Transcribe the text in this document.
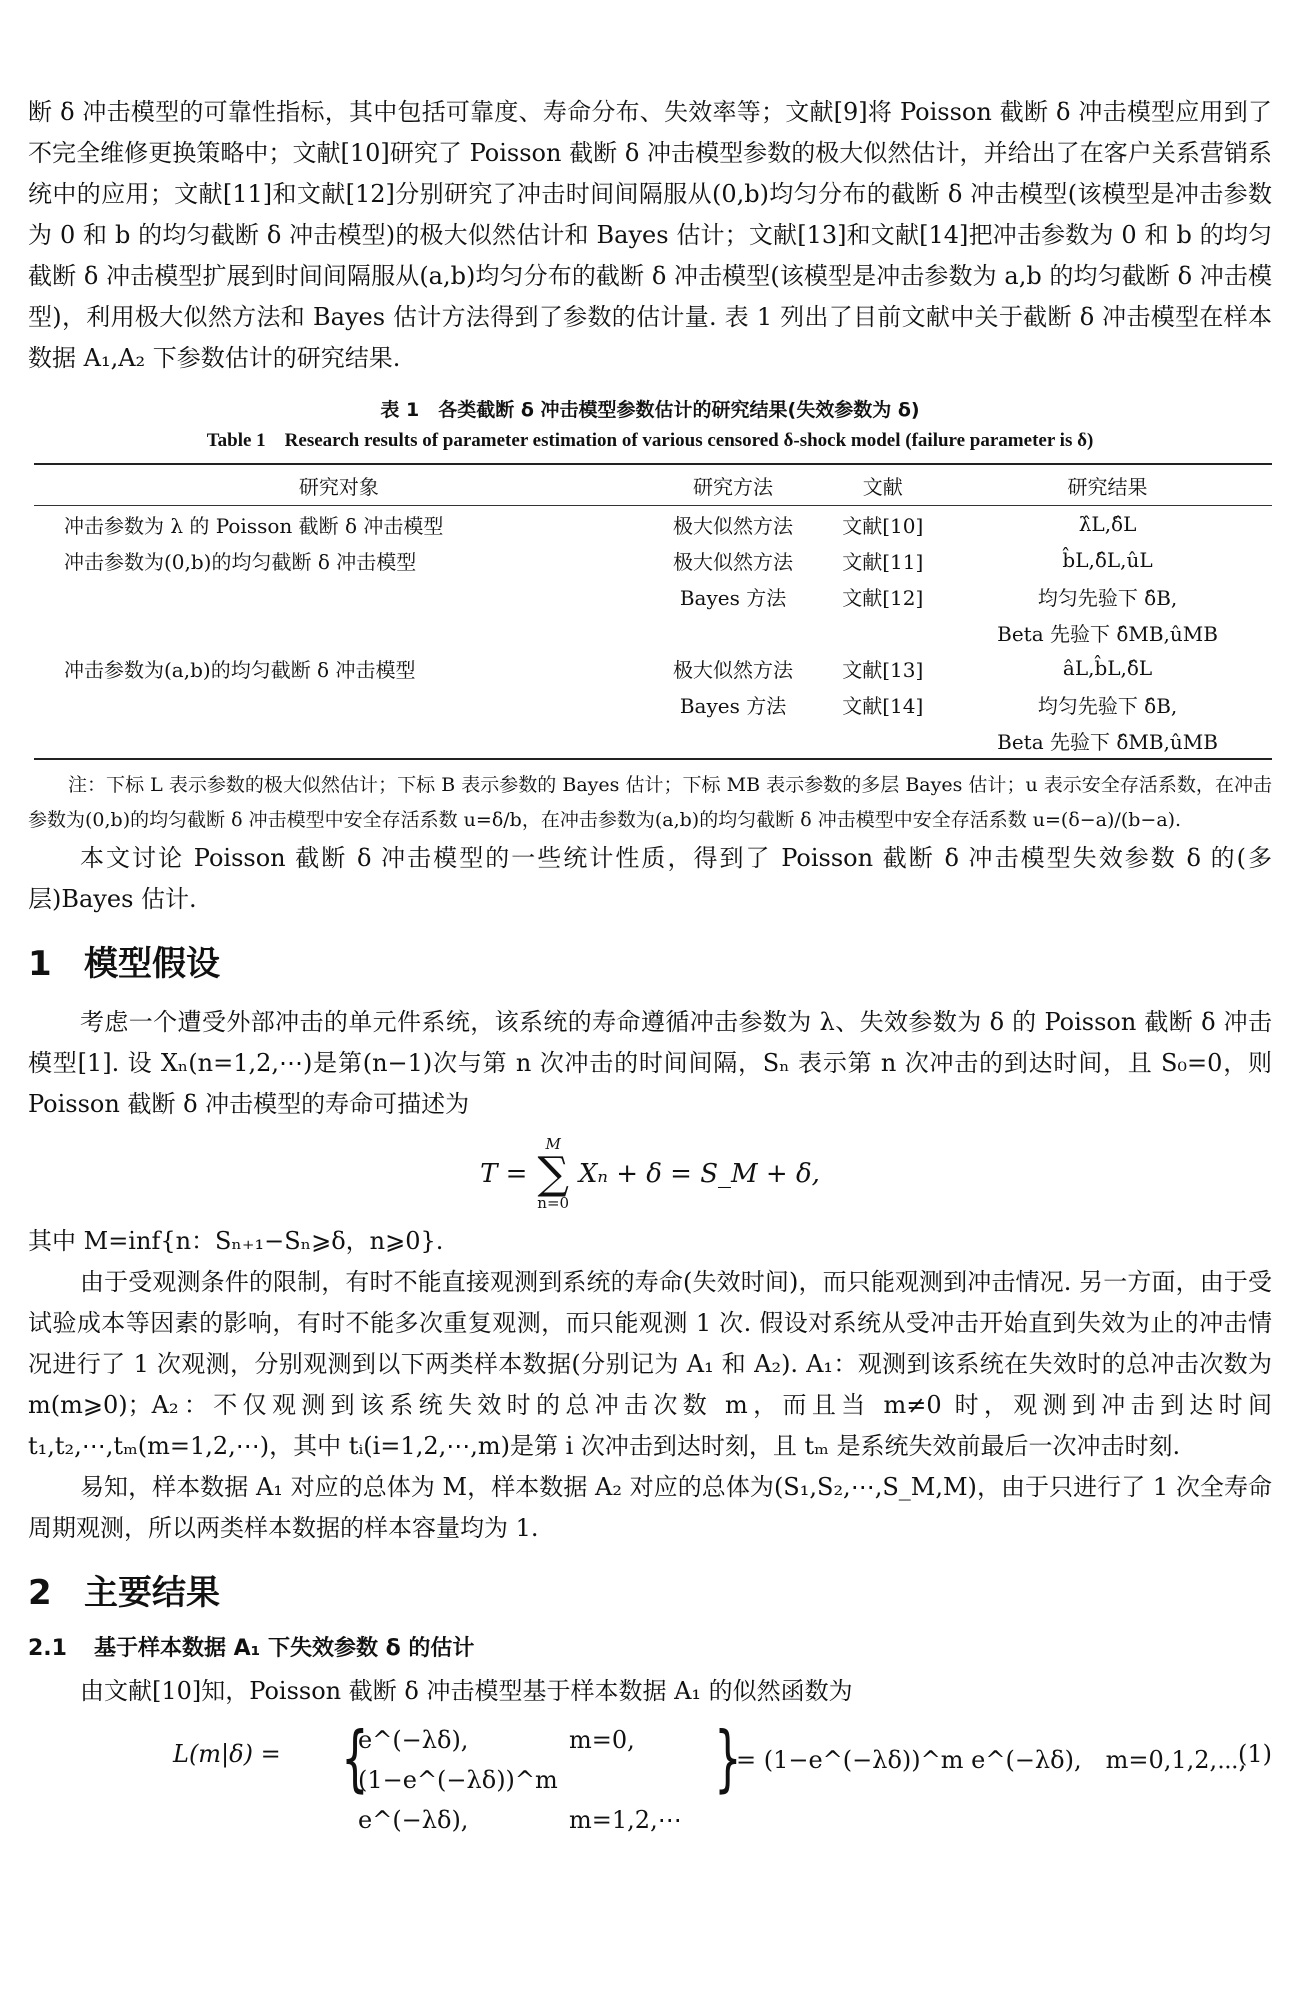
断 δ 冲击模型的可靠性指标，其中包括可靠度、寿命分布、失效率等；文献[9]将 Poisson 截断 δ 冲击模型应用到了不完全维修更换策略中；文献[10]研究了 Poisson 截断 δ 冲击模型参数的极大似然估计，并给出了在客户关系营销系统中的应用；文献[11]和文献[12]分别研究了冲击时间间隔服从(0,b)均匀分布的截断 δ 冲击模型(该模型是冲击参数为 0 和 b 的均匀截断 δ 冲击模型)的极大似然估计和 Bayes 估计；文献[13]和文献[14]把冲击参数为 0 和 b 的均匀截断 δ 冲击模型扩展到时间间隔服从(a,b)均匀分布的截断 δ 冲击模型(该模型是冲击参数为 a,b 的均匀截断 δ 冲击模型)，利用极大似然方法和 Bayes 估计方法得到了参数的估计量. 表 1 列出了目前文献中关于截断 δ 冲击模型在样本数据 A₁,A₂ 下参数估计的研究结果.

表 1　各类截断 δ 冲击模型参数估计的研究结果(失效参数为 δ)

Table 1　Research results of parameter estimation of various censored δ-shock model (failure parameter is δ)

研究对象	研究方法	文献	研究结果
冲击参数为 λ 的 Poisson 截断 δ 冲击模型	极大似然方法	文献[10]	λ̂L,δ̂L
冲击参数为(0,b)的均匀截断 δ 冲击模型	极大似然方法	文献[11]	b̂L,δ̂L,ûL
	Bayes 方法	文献[12]	均匀先验下 δ̂B,
			Beta 先验下 δ̂MB,ûMB
冲击参数为(a,b)的均匀截断 δ 冲击模型	极大似然方法	文献[13]	âL,b̂L,δ̂L
	Bayes 方法	文献[14]	均匀先验下 δ̂B,
			Beta 先验下 δ̂MB,ûMB

注：下标 L 表示参数的极大似然估计；下标 B 表示参数的 Bayes 估计；下标 MB 表示参数的多层 Bayes 估计；u 表示安全存活系数，在冲击参数为(0,b)的均匀截断 δ 冲击模型中安全存活系数 u=δ/b，在冲击参数为(a,b)的均匀截断 δ 冲击模型中安全存活系数 u=(δ−a)/(b−a).

本文讨论 Poisson 截断 δ 冲击模型的一些统计性质，得到了 Poisson 截断 δ 冲击模型失效参数 δ 的(多层)Bayes 估计.

1 模型假设

考虑一个遭受外部冲击的单元件系统，该系统的寿命遵循冲击参数为 λ、失效参数为 δ 的 Poisson 截断 δ 冲击模型[1]. 设 Xₙ(n=1,2,⋯)是第(n−1)次与第 n 次冲击的时间间隔，Sₙ 表示第 n 次冲击的到达时间，且 S₀=0，则 Poisson 截断 δ 冲击模型的寿命可描述为

T =
M
∑
n=0
Xₙ + δ = S_M + δ,

其中 M=inf{n：Sₙ₊₁−Sₙ⩾δ，n⩾0}.

由于受观测条件的限制，有时不能直接观测到系统的寿命(失效时间)，而只能观测到冲击情况. 另一方面，由于受试验成本等因素的影响，有时不能多次重复观测，而只能观测 1 次. 假设对系统从受冲击开始直到失效为止的冲击情况进行了 1 次观测，分别观测到以下两类样本数据(分别记为 A₁ 和 A₂). A₁：观测到该系统在失效时的总冲击次数为 m(m⩾0)；A₂：不仅观测到该系统失效时的总冲击次数 m，而且当 m≠0 时，观测到冲击到达时间 t₁,t₂,⋯,tₘ(m=1,2,⋯)，其中 tᵢ(i=1,2,⋯,m)是第 i 次冲击到达时刻，且 tₘ 是系统失效前最后一次冲击时刻.

易知，样本数据 A₁ 对应的总体为 M，样本数据 A₂ 对应的总体为(S₁,S₂,⋯,S_M,M)，由于只进行了 1 次全寿命周期观测，所以两类样本数据的样本容量均为 1.

2 主要结果
2.1 基于样本数据 A₁ 下失效参数 δ 的估计

由文献[10]知，Poisson 截断 δ 冲击模型基于样本数据 A₁ 的似然函数为

L(m|δ) = {
e^(−λδ),	m=0,
(1−e^(−λδ))^m e^(−λδ),	m=1,2,⋯
}
= (1−e^(−λδ))^m e^(−λδ),　m=0,1,2,⋯,
(1)
